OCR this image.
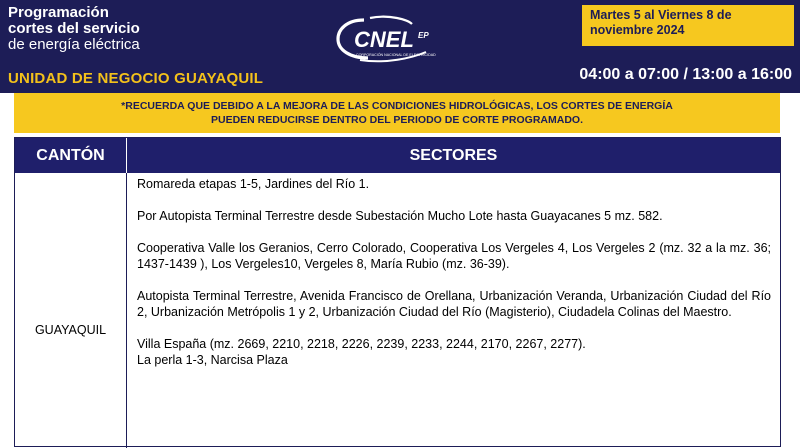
Programación
cortes del servicio
de energía eléctrica
UNIDAD DE NEGOCIO GUAYAQUIL
CNEL EP
CORPORACIÓN NACIONAL DE ELECTRICIDAD
Martes 5 al Viernes 8 de noviembre 2024
04:00 a 07:00 / 13:00 a 16:00
*RECUERDA QUE DEBIDO A LA MEJORA DE LAS CONDICIONES HIDROLÓGICAS, LOS CORTES DE ENERGÍA
PUEDEN REDUCIRSE DENTRO DEL PERIODO DE CORTE PROGRAMADO.
CANTÓN	SECTORES
GUAYAQUIL

Romareda etapas 1-5, Jardines del Río 1.

Por Autopista Terminal Terrestre desde Subestación Mucho Lote hasta Guayacanes 5 mz. 582.

Cooperativa Valle los Geranios, Cerro Colorado, Cooperativa Los Vergeles 4, Los Vergeles 2 (mz. 32 a la mz. 36; 1437-1439 ), Los Vergeles10, Vergeles 8, María Rubio (mz. 36-39).

Autopista Terminal Terrestre, Avenida Francisco de Orellana, Urbanización Veranda, Urbanización Ciudad del Río 2, Urbanización Metrópolis 1 y 2, Urbanización Ciudad del Río (Magisterio), Ciudadela Colinas del Maestro.

Villa España (mz. 2669, 2210, 2218, 2226, 2239, 2233, 2244, 2170, 2267, 2277).

La perla 1-3, Narcisa Plaza
